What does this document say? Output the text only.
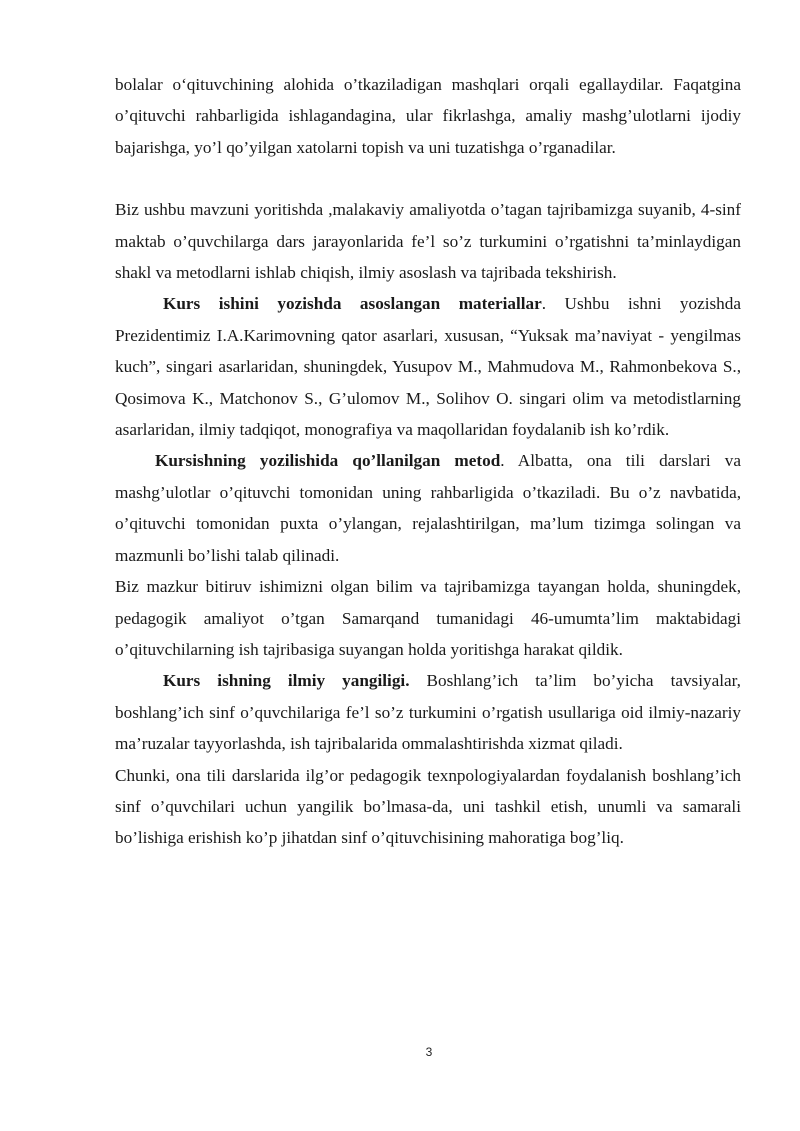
bolalar o‘qituvchining alohida o’tkaziladigan mashqlari orqali egallaydilar. Faqatgina o’qituvchi rahbarligida ishlagandagina, ular fikrlashga, amaliy mashg’ulotlarni ijodiy bajarishga, yo’l qo’yilgan xatolarni topish va uni tuzatishga o’rganadilar.

Biz ushbu mavzuni yoritishda ,malakaviy amaliyotda o’tagan tajribamizga suyanib, 4-sinf maktab o’quvchilarga dars jarayonlarida fe’l so’z turkumini o’rgatishni ta’minlaydigan shakl va metodlarni ishlab chiqish, ilmiy asoslash va tajribada tekshirish.

Kurs ishini yozishda asoslangan materiallar. Ushbu ishni yozishda Prezidentimiz I.A.Karimovning qator asarlari, xususan, “Yuksak ma’naviyat - yengilmas kuch”, singari asarlaridan, shuningdek, Yusupov M., Mahmudova M., Rahmonbekova S., Qosimova K., Matchonov S., G’ulomov M., Solihov O. singari olim va metodistlarning asarlaridan, ilmiy tadqiqot, monografiya va maqollaridan foydalanib ish ko’rdik.

Kursishning yozilishida qo’llanilgan metod. Albatta, ona tili darslari va mashg’ulotlar o’qituvchi tomonidan uning rahbarligida o’tkaziladi. Bu o’z navbatida, o’qituvchi tomonidan puxta o’ylangan, rejalashtirilgan, ma’lum tizimga solingan va mazmunli bo’lishi talab qilinadi.

Biz mazkur bitiruv ishimizni olgan bilim va tajribamizga tayangan holda, shuningdek, pedagogik amaliyot o’tgan Samarqand tumanidagi 46-umumta’lim maktabidagi o’qituvchilarning ish tajribasiga suyangan holda yoritishga harakat qildik.

Kurs ishning ilmiy yangiligi. Boshlang’ich ta’lim bo’yicha tavsiyalar, boshlang’ich sinf o’quvchilariga fe’l so’z turkumini o’rgatish usullariga oid ilmiy-nazariy ma’ruzalar tayyorlashda, ish tajribalarida ommalashtirishda xizmat qiladi.

Chunki, ona tili darslarida ilg’or pedagogik texnpologiyalardan foydalanish boshlang’ich sinf o’quvchilari uchun yangilik bo’lmasa-da, uni tashkil etish, unumli va samarali bo’lishiga erishish ko’p jihatdan sinf o’qituvchisining mahoratiga bog’liq.

3
